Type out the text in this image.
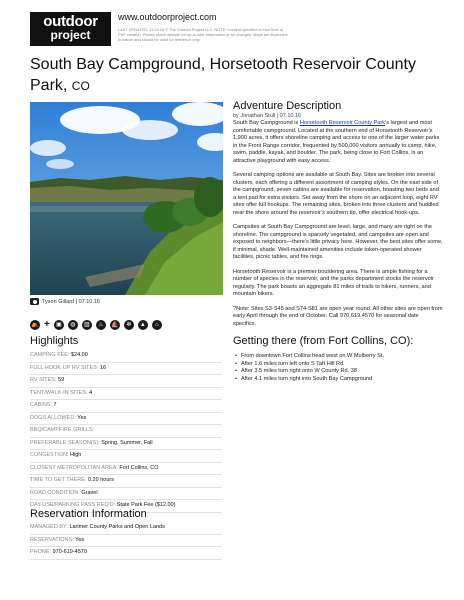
outdoor
project
www.outdoorproject.com
LAST UPDATED: 11.03.16 © The Outdoor Project LLC. NOTE: Content specified is from time of PDF creation. Please check website for up-to-date information or for changes. Maps are illustrative in nature and should be used for reference only.
South Bay Campground, Horsetooth Reservoir County Park, CO
Tyson Gillard | 07.10.16
⛺ +	▣	◍	▥	♨	⛵	✻	▲	⌂
Highlights
CAMPING FEE: $24.00
FULL HOOK-UP RV SITES: 16
RV SITES: 59
TENT/WALK-IN SITES: 4
CABINS: 7
DOGS ALLOWED: Yes
BBQ/CAMPFIRE GRILLS:
PREFERABLE SEASON(S): Spring, Summer, Fall
CONGESTION: High
CLOSEST METROPOLITAN AREA: Fort Collins, CO
TIME TO GET THERE: 0.20 hours
ROAD CONDITION: Gravel
DAY-USE/PARKING PASS REQ'D: State Park Fee ($12.00)
Reservation Information
MANAGED BY: Larimer County Parks and Open Lands
RESERVATIONS: Yes
PHONE: 970-619-4570
Adventure Description
by Jonathan Stull | 07.10.16

South Bay Campground is Horsetooth Reservoir County Park’s largest and most comfortable campground. Located at the southern end of Horsetooth Reservoir’s 1,900 acres, it offers shoreline camping and access to one of the larger water parks in the Front Range corridor, frequented by 500,000 visitors annually to camp, hike, swim, paddle, kayak, and boulder. The park, being close to Fort Collins, is an attractive playground with easy access.

Several camping options are available at South Bay. Sites are broken into several clusters, each offering a different assortment of camping styles. On the east side of the campground, seven cabins are available for reservation, boasting two beds and a tent pad for extra visitors. Set away from the shore on an adjacent loop, eight RV sites offer full hookups. The remaining sites, broken into three clusters and huddled near the shore around the reservoir’s southern tip, offer electrical hook-ups.

Campsites at South Bay Campground are level, large, and many are right on the shoreline. The campground is sparsely vegetated, and campsites are open and exposed to neighbors—there’s little privacy here. However, the best sites offer some, if minimal, shade. Well-maintained amenities include token-operated shower facilities, picnic tables, and fire rings.

Horsetooth Reservoir is a premier bouldering area. There is ample fishing for a number of species in the reservoir, and the parks department stocks the reservoir regularly. The park boasts an aggregate 81 miles of trails to hikers, runners, and mountain bikers.

?Note: Sites S3-S45 and S74-S81 are open year round. All other sites are open from early April through the end of October. Call 970.619.4570 for seasonal date specifics.

Getting there (from Fort Collins, CO):
• From downtown Fort Collins head west on W Mulberry St.
• After 1.6 miles turn left onto S Taft Hill Rd.
• After 3.5 miles turn right onto W County Rd. 38
• After 4.1 miles turn right into South Bay Campground
